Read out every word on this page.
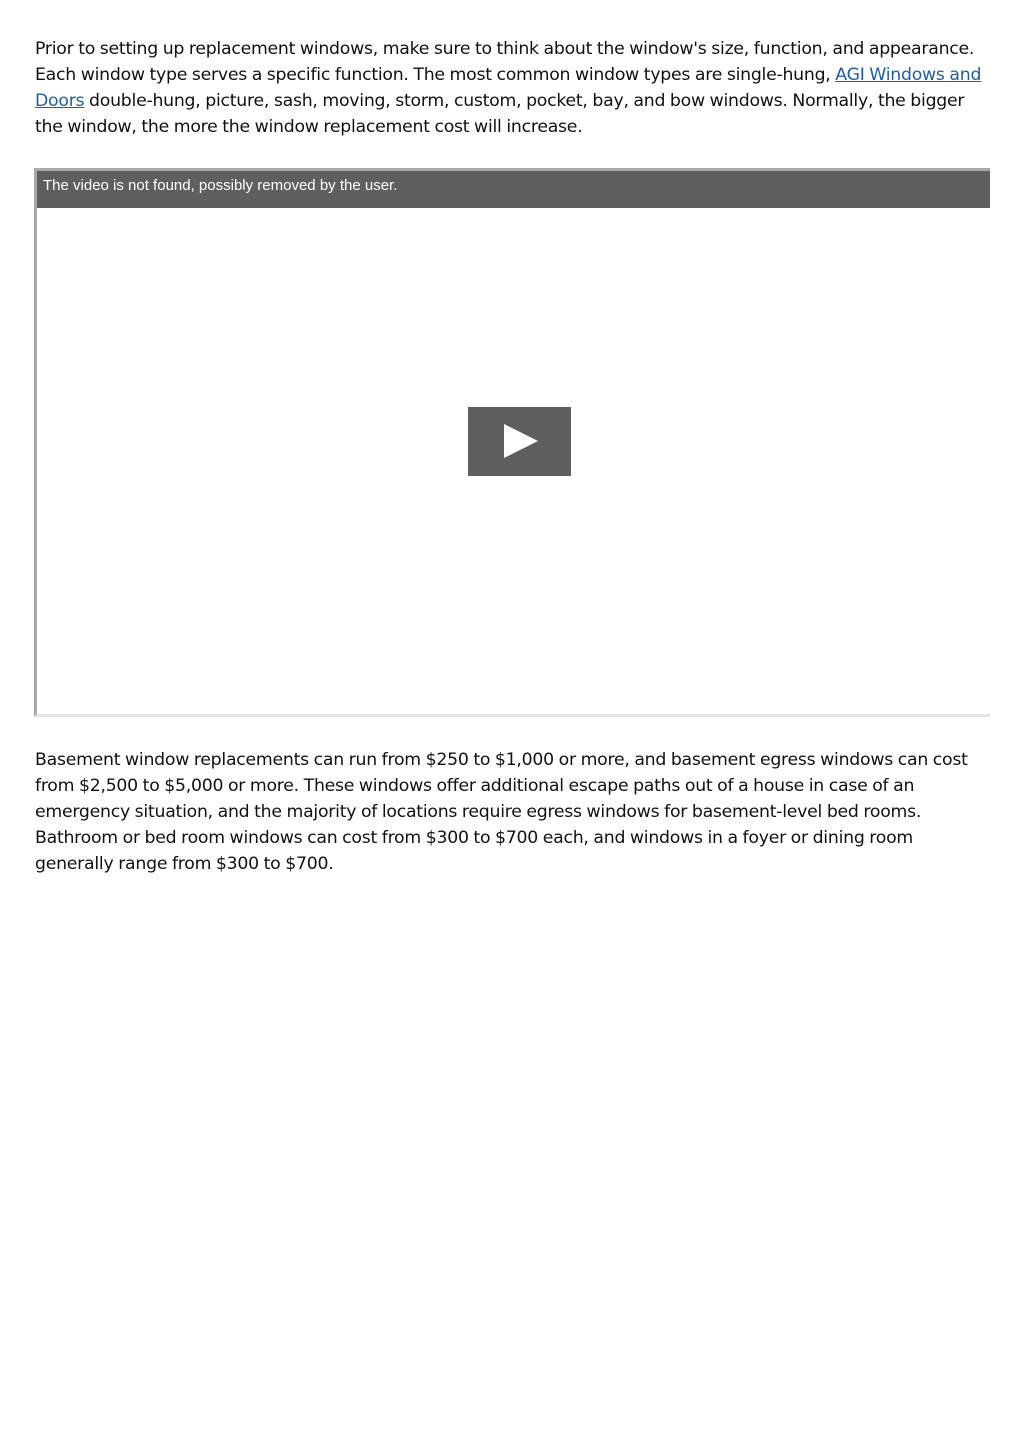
Prior to setting up replacement windows, make sure to think about the window's size, function, and appearance. Each window type serves a specific function. The most common window types are single-hung, AGI Windows and Doors double-hung, picture, sash, moving, storm, custom, pocket, bay, and bow windows. Normally, the bigger the window, the more the window replacement cost will increase.

The video is not found, possibly removed by the user.

Basement window replacements can run from $250 to $1,000 or more, and basement egress windows can cost from $2,500 to $5,000 or more. These windows offer additional escape paths out of a house in case of an emergency situation, and the majority of locations require egress windows for basement-level bed rooms. Bathroom or bed room windows can cost from $300 to $700 each, and windows in a foyer or dining room generally range from $300 to $700.
